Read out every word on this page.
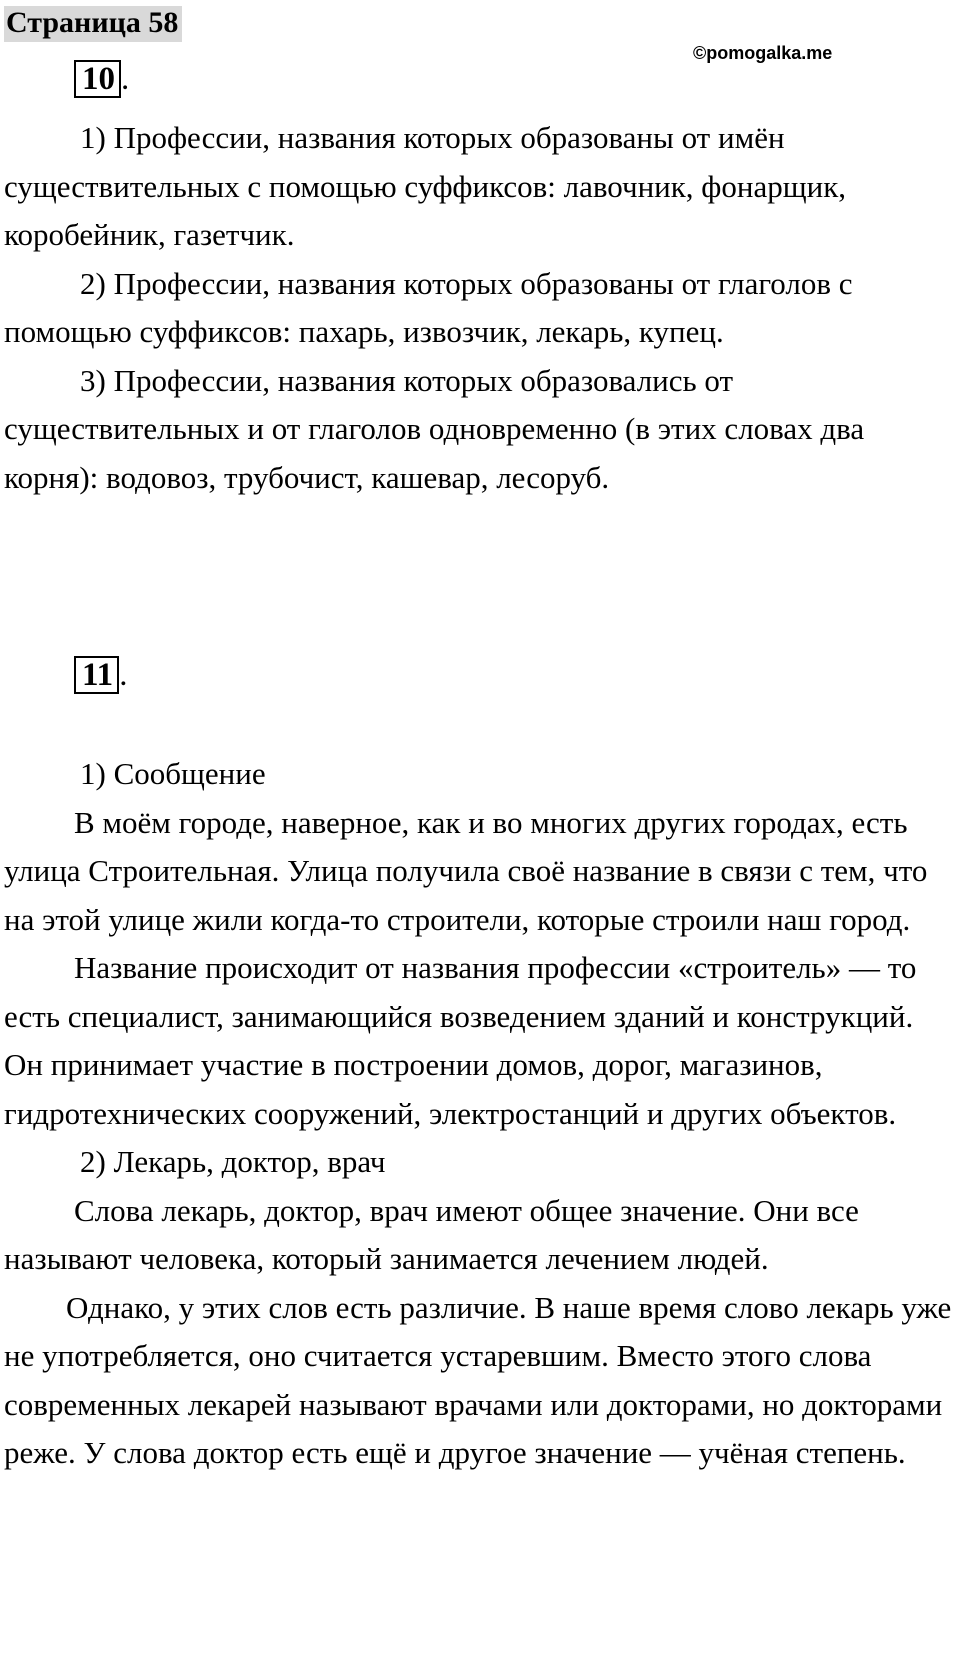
Страница 58
©pomogalka.me
10 .

1) Профессии, названия которых образованы от имён существительных с помощью суффиксов: лавочник, фонарщик, коробейник, газетчик.

2) Профессии, названия которых образованы от глаголов с помощью суффиксов: пахарь, извозчик, лекарь, купец.

3) Профессии, названия которых образовались от существительных и от глаголов одновременно (в этих словах два корня): водовоз, трубочист, кашевар, лесоруб.

11 .

1) Сообщение

В моём городе, наверное, как и во многих других городах, есть улица Строительная. Улица получила своё название в связи с тем, что на этой улице жили когда-то строители, которые строили наш город.

Название происходит от названия профессии «строитель» — то есть специалист, занимающийся возведением зданий и конструкций. Он принимает участие в построении домов, дорог, магазинов, гидротехнических сооружений, электростанций и других объектов.

2) Лекарь, доктор, врач

Слова лекарь, доктор, врач имеют общее значение. Они все называют человека, который занимается лечением людей.

Однако, у этих слов есть различие. В наше время слово лекарь уже не употребляется, оно считается устаревшим. Вместо этого слова современных лекарей называют врачами или докторами, но докторами реже. У слова доктор есть ещё и другое значение — учёная степень.
